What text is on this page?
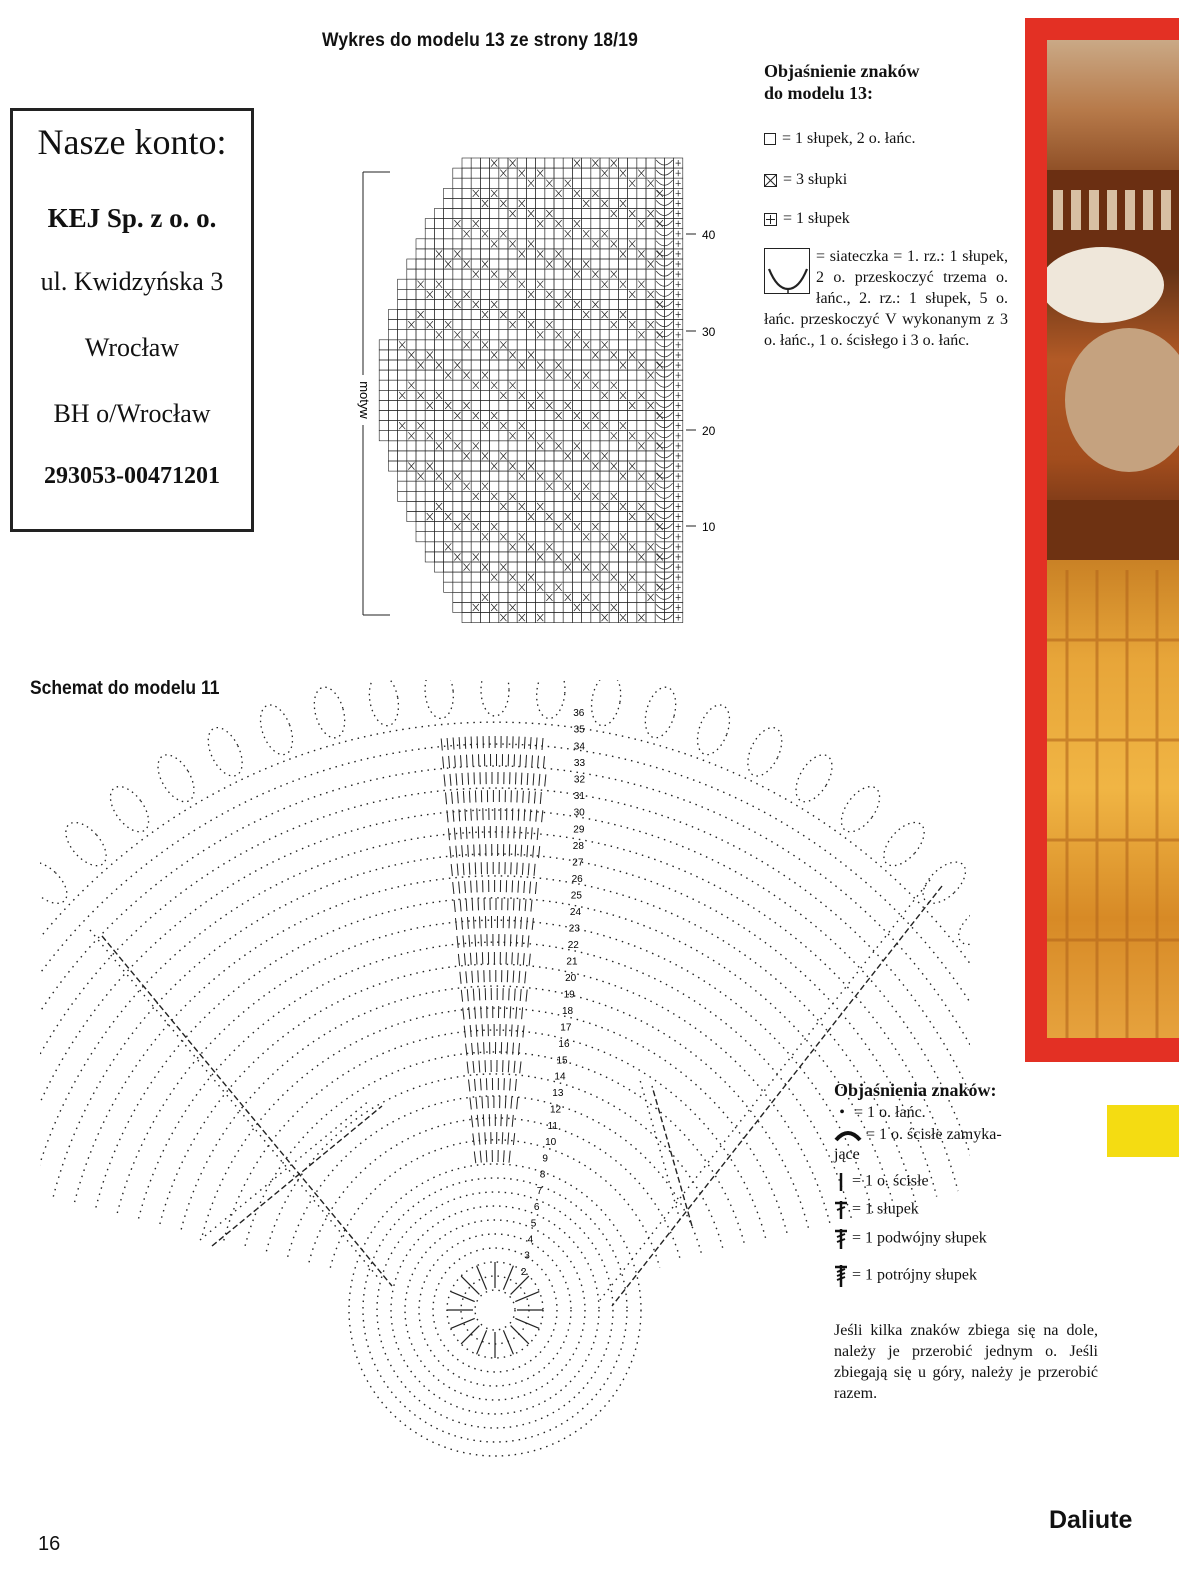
Nasze konto:
KEJ Sp. z o. o.
ul. Kwidzyńska 3
Wrocław
BH o/Wrocław
293053-00471201
Wykres do modelu 13 ze strony 18/19
motyw
40
30
20
10
Objaśnienie znaków
do modelu 13:
= 1 słupek, 2 o. łańc.
= 3 słupki
= 1 słupek
= siateczka = 1. rz.: 1 słupek, 2 o. przeskoczyć trzema o. łańc., 2. rz.: 1 słupek, 5 o. łańc. przeskoczyć V wykonanym z 3 o. łańc., 1 o. ścisłego i 3 o. łańc.
Schemat do modelu 11
2
3
4
5
6
7
8
9
10
11
12
13
14
15
16
17
18
19
20
21
22
23
24
25
26
27
28
29
30
31
32
33
34
35
36
Objaśnienia znaków:
• = 1 o. łańc.
= 1 o. ścisłe zamyka-
jące
= 1 o. ścisłe
= 1 słupek
= 1 podwójny słupek
= 1 potrójny słupek
Jeśli kilka znaków zbiega się na dole, należy je przerobić jednym o. Jeśli zbiegają się u góry, należy je przerobić razem.
16
Daliute
